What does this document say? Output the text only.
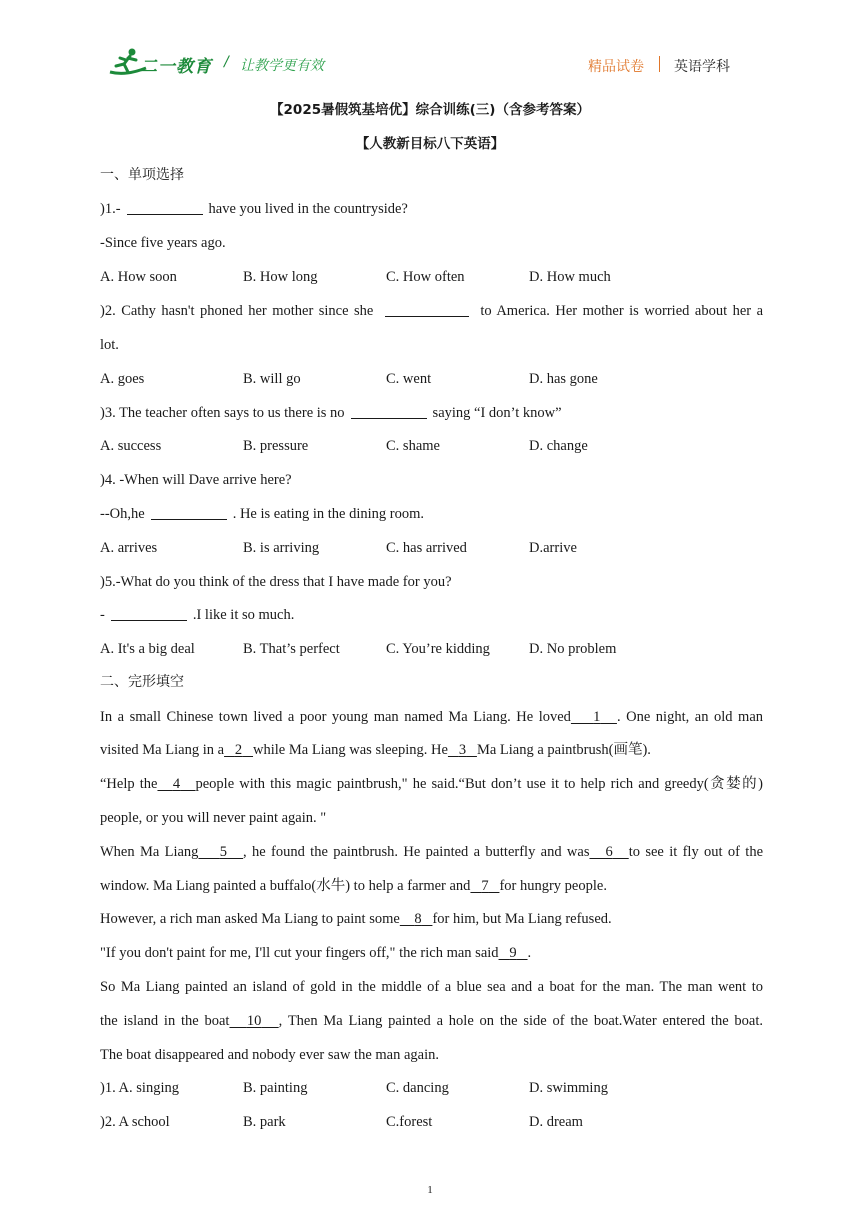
二一教育 / 让教学更有效	精品试卷 英语学科
【2025暑假筑基培优】综合训练(三)（含参考答案）
【人教新目标八下英语】
一、单项选择
)1.-	have you lived in the countryside?
-Since five years ago.
A. How soon	B. How long	C. How often	D. How much
)2. Cathy hasn't phoned her mother since she	to America. Her mother is worried about her a
lot.
A. goes	B. will go	C. went	D. has gone
)3. The teacher often says to us there is no	saying “I don’t know”
A. success	B. pressure	C. shame	D. change
)4. -When will Dave arrive here?
--Oh,he	. He is eating in the dining room.
A. arrives	B. is arriving	C. has arrived	D.arrive
)5.-What do you think of the dress that I have made for you?
-	.I like it so much.
A. It's a big deal	B. That’s perfect	C. You’re kidding	D. No problem
二、完形填空
In a small Chinese town lived a poor young man named Ma Liang. He loved 1 . One night, an old man
visited Ma Liang in a 2 while Ma Liang was sleeping. He 3 Ma Liang a paintbrush(画笔).
“Help the 4 people with this magic paintbrush," he said.“But don’t use it to help rich and greedy(贪婪的)
people, or you will never paint again. "
When Ma Liang 5 , he found the paintbrush. He painted a butterfly and was 6 to see it fly out of the
window. Ma Liang painted a buffalo(水牛) to help a farmer and 7 for hungry people.
However, a rich man asked Ma Liang to paint some 8 for him, but Ma Liang refused.
"If you don't paint for me, I'll cut your fingers off," the rich man said 9 .
So Ma Liang painted an island of gold in the middle of a blue sea and a boat for the man. The man went to
the island in the boat 10 , Then Ma Liang painted a hole on the side of the boat.Water entered the boat.
The boat disappeared and nobody ever saw the man again.
)1. A. singing	B. painting	C. dancing	D. swimming
)2. A school	B. park	C.forest	D. dream
1
